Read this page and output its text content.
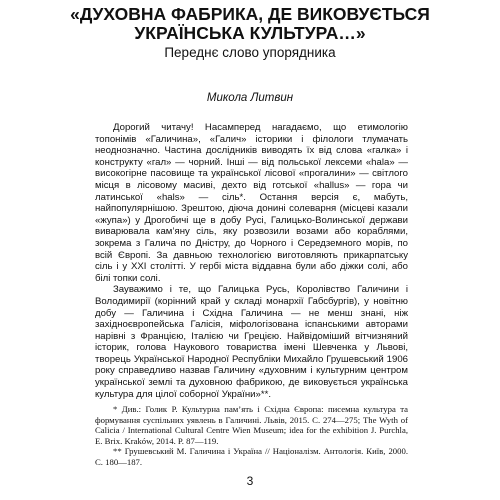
«ДУХОВНА ФАБРИКА, ДЕ ВИКОВУЄТЬСЯ УКРАЇНСЬКА КУЛЬТУРА…»
Переднє слово упорядника
Микола Литвин

Дорогий читачу! Насамперед нагадаємо, що етимологію топонімів «Галичина», «Галич» історики і філологи тлумачать неоднозначно. Частина дослідників виводять їх від слова «галка» і конструкту «гал» — чорний. Інші — від польської лексеми «hala» — високогірне пасовище та української лісової «прогалини» — світлого місця в лісовому масиві, дехто від готської «hallus» — гора чи латинської «hals» — сіль*. Остання версія є, мабуть, найпопулярнішою. Зрештою, діюча донині солеварня (місцеві казали «жупа») у Дрогобичі ще в добу Русі, Галицько-Волинської держави виварювала кам’яну сіль, яку розвозили возами або кораблями, зокрема з Галича по Дністру, до Чорного і Середземного морів, по всій Європі. За давньою технологією виготовляють прикарпатську сіль і у ХХІ столітті. У гербі міста віддавна були або діжки солі, або білі топки солі.

Зауважимо і те, що Галицька Русь, Королівство Галичини і Володимирії (корінний край у складі монархії Габсбургів), у новітню добу — Галичина і Східна Галичина — не менш знані, ніж західноєвропейська Галісія, міфологізована іспанськими авторами нарівні з Францією, Італією чи Грецією. Найвідоміший вітчизняний історик, голова Наукового товариства імені Шевченка у Львові, творець Української Народної Республіки Михайло Грушевський 1906 року справедливо назвав Галичину «духовним і культурним центром української землі та духовною фабрикою, де виковується українська культура для цілої соборної України»**.

* Див.: Голик Р. Культурна пам’ять і Східна Європа: писемна культура та формування суспільних уявлень в Галичині. Львів, 2015. С. 274—275; The Wyth of Calicia / International Cultural Centre Wien Museum; idea for the exhibition J. Purchla, E. Brix. Kraków, 2014. P. 87—119.

** Грушевський М. Галичина і Україна // Націоналізм. Антологія. Київ, 2000. С. 180—187.

3
